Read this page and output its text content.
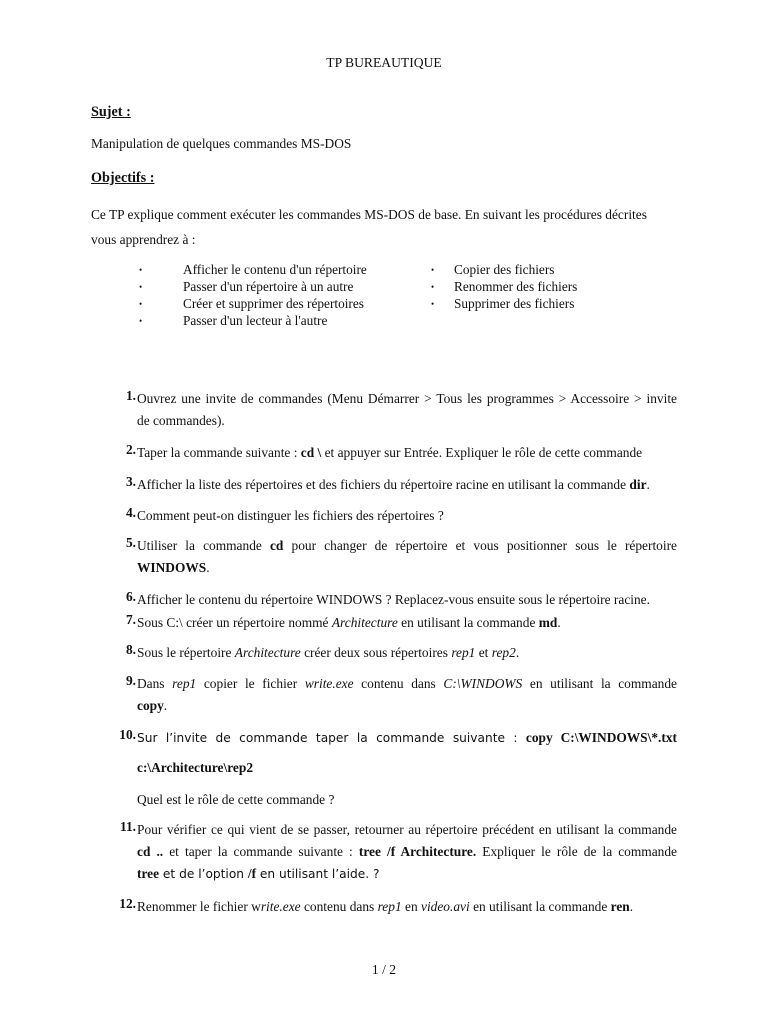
TP BUREAUTIQUE
Sujet :
Manipulation de quelques commandes MS-DOS
Objectifs :
Ce TP explique comment exécuter les commandes MS-DOS de base. En suivant les procédures décrites
vous apprendrez à :
•	Afficher le contenu d'un répertoire
•	Passer d'un répertoire à un autre
•	Créer et supprimer des répertoires
•	Passer d'un lecteur à l'autre
• Copier des fichiers
• Renommer des fichiers
• Supprimer des fichiers
1. Ouvrez une invite de commandes (Menu Démarrer > Tous les programmes > Accessoire > invite
de commandes).
2. Taper la commande suivante : cd \ et appuyer sur Entrée. Expliquer le rôle de cette commande
3. Afficher la liste des répertoires et des fichiers du répertoire racine en utilisant la commande dir.
4. Comment peut-on distinguer les fichiers des répertoires ?
5. Utiliser la commande cd pour changer de répertoire et vous positionner sous le répertoire
WINDOWS.
6. Afficher le contenu du répertoire WINDOWS ? Replacez-vous ensuite sous le répertoire racine.
7. Sous C:\ créer un répertoire nommé Architecture en utilisant la commande md.
8. Sous le répertoire Architecture créer deux sous répertoires rep1 et rep2.
9. Dans rep1 copier le fichier write.exe contenu dans C:\WINDOWS en utilisant la commande
copy.
10. Sur l’invite de commande taper la commande suivante : copy C:\WINDOWS\*.txt
c:\Architecture\rep2
Quel est le rôle de cette commande ?
11. Pour vérifier ce qui vient de se passer, retourner au répertoire précédent en utilisant la commande
cd .. et taper la commande suivante : tree /f Architecture. Expliquer le rôle de la commande
tree et de l’option /f en utilisant l’aide. ?
12. Renommer le fichier write.exe contenu dans rep1 en video.avi en utilisant la commande ren.
1 / 2
